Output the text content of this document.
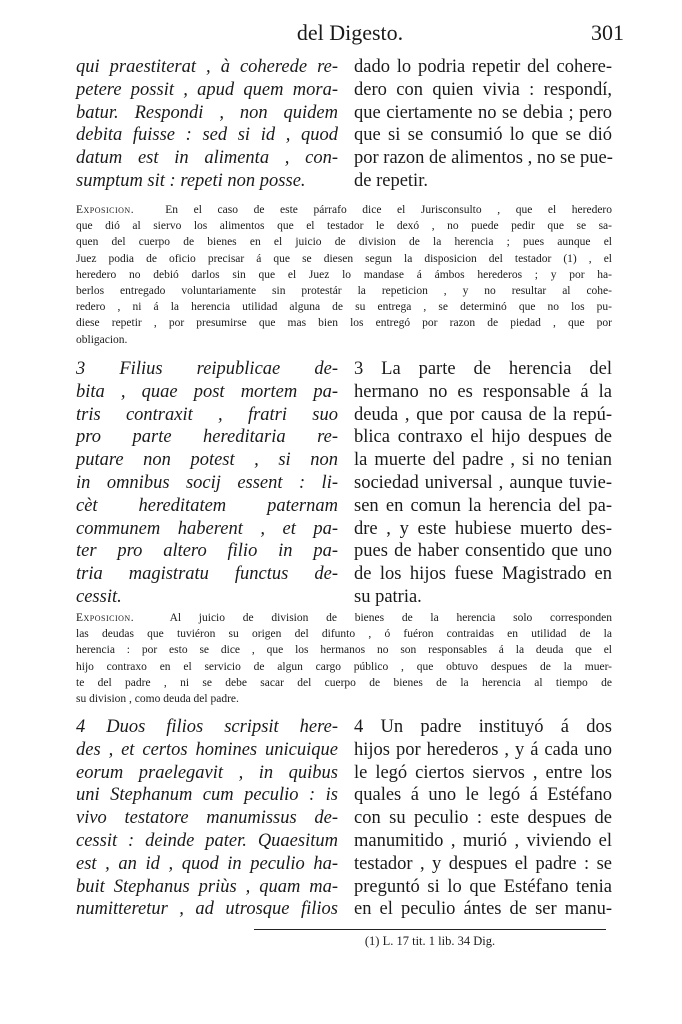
del Digesto.	301
qui praestiterat , à coherede re-
petere possit , apud quem mora-
batur. Respondi , non quidem
debita fuisse : sed si id , quod
datum est in alimenta , con-
sumptum sit : repeti non posse.
dado lo podria repetir del cohere-
dero con quien vivia : respondí,
que ciertamente no se debia ; pero
que si se consumió lo que se dió
por razon de alimentos , no se pue-
de repetir.
Exposicion.	En el caso de este párrafo dice el Jurisconsulto , que el heredero
que dió al siervo los alimentos que el testador le dexó , no puede pedir que se sa-
quen del cuerpo de bienes en el juicio de division de la herencia ; pues aunque el
Juez podia de oficio precisar á que se diesen segun la disposicion del testador (1) , el
heredero no debió darlos sin que el Juez lo mandase á ámbos herederos ; y por ha-
berlos entregado voluntariamente sin protestár la repeticion , y no resultar al cohe-
redero , ni á la herencia utilidad alguna de su entrega , se determinó que no los pu-
diese repetir , por presumirse que mas bien los entregó por razon de piedad , que por
obligacion.
3 Filius reipublicae de-
bita , quae post mortem pa-
tris contraxit , fratri suo
pro parte hereditaria re-
putare non potest , si non
in omnibus socij essent : li-
cèt hereditatem paternam
communem haberent , et pa-
ter pro altero filio in pa-
tria magistratu functus de-
cessit.
3 La parte de herencia del
hermano no es responsable á la
deuda , que por causa de la repú-
blica contraxo el hijo despues de
la muerte del padre , si no tenian
sociedad universal , aunque tuvie-
sen en comun la herencia del pa-
dre , y este hubiese muerto des-
pues de haber consentido que uno
de los hijos fuese Magistrado en
su patria.
Exposicion.	Al juicio de division de bienes de la herencia solo corresponden
las deudas que tuviéron su origen del difunto , ó fuéron contraidas en utilidad de la
herencia : por esto se dice , que los hermanos no son responsables á la deuda que el
hijo contraxo en el servicio de algun cargo público , que obtuvo despues de la muer-
te del padre , ni se debe sacar del cuerpo de bienes de la herencia al tiempo de
su division , como deuda del padre.
4 Duos filios scripsit here-
des , et certos homines unicuique
eorum praelegavit , in quibus
uni Stephanum cum peculio : is
vivo testatore manumissus de-
cessit : deinde pater. Quaesitum
est , an id , quod in peculio ha-
buit Stephanus priùs , quam ma-
numitteretur , ad utrosque filios
4 Un padre instituyó á dos
hijos por herederos , y á cada uno
le legó ciertos siervos , entre los
quales á uno le legó á Estéfano
con su peculio : este despues de
manumitido , murió , viviendo el
testador , y despues el padre : se
preguntó si lo que Estéfano tenia
en el peculio ántes de ser manu-
(1) L. 17 tit. 1 lib. 34 Dig.
